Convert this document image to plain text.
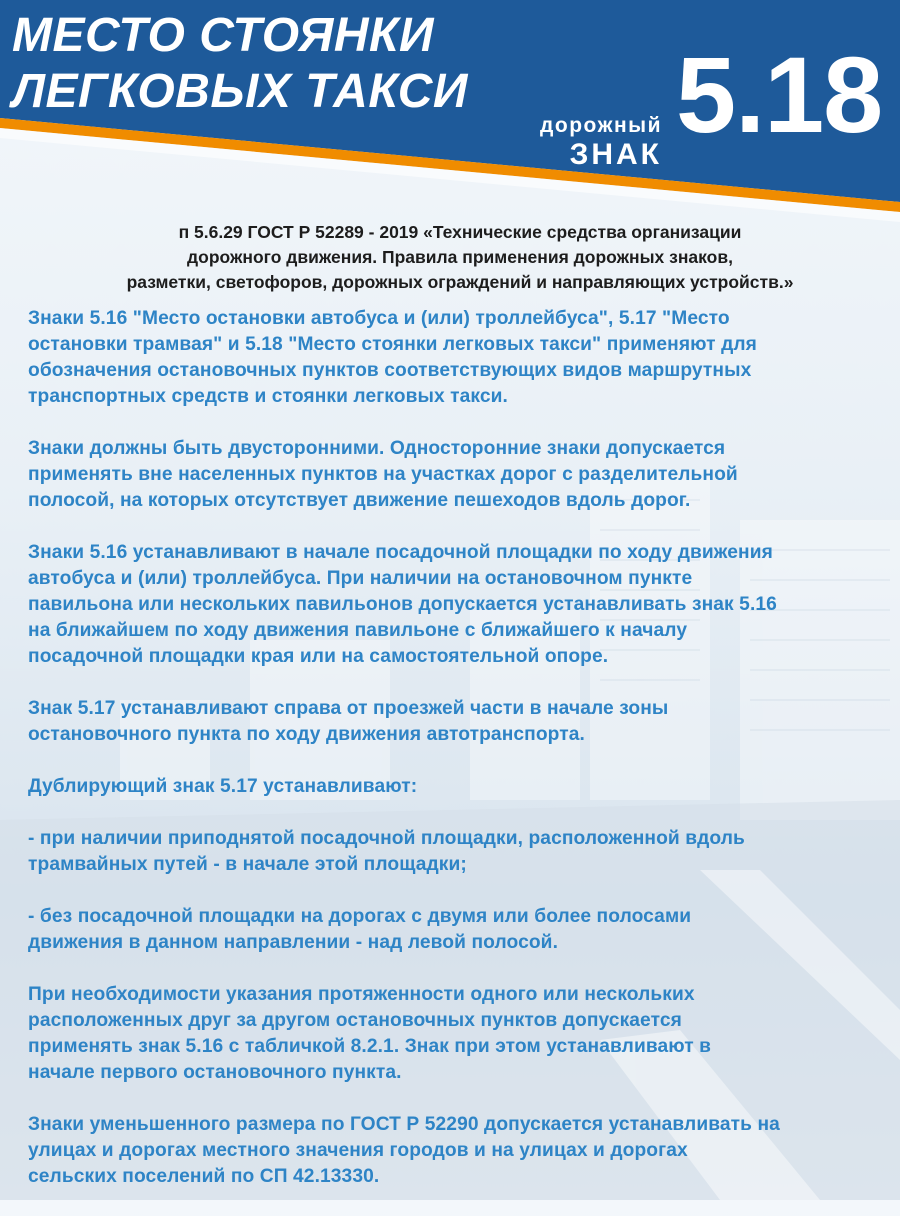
МЕСТО СТОЯНКИ
ЛЕГКОВЫХ ТАКСИ
дорожный
ЗНАК 5.18
п 5.6.29 ГОСТ Р 52289 - 2019 «Технические средства организации
дорожного движения. Правила применения дорожных знаков,
разметки, светофоров, дорожных ограждений и направляющих устройств.»

Знаки 5.16 "Место остановки автобуса и (или) троллейбуса", 5.17 "Место
остановки трамвая" и 5.18 "Место стоянки легковых такси" применяют для
обозначения остановочных пунктов соответствующих видов маршрутных
транспортных средств и стоянки легковых такси.

Знаки должны быть двусторонними. Односторонние знаки допускается
применять вне населенных пунктов на участках дорог с разделительной
полосой, на которых отсутствует движение пешеходов вдоль дорог.

Знаки 5.16 устанавливают в начале посадочной площадки по ходу движения
автобуса и (или) троллейбуса. При наличии на остановочном пункте
павильона или нескольких павильонов допускается устанавливать знак 5.16
на ближайшем по ходу движения павильоне с ближайшего к началу
посадочной площадки края или на самостоятельной опоре.

Знак 5.17 устанавливают справа от проезжей части в начале зоны
остановочного пункта по ходу движения автотранспорта.

Дублирующий знак 5.17 устанавливают:

- при наличии приподнятой посадочной площадки, расположенной вдоль
трамвайных путей - в начале этой площадки;

- без посадочной площадки на дорогах с двумя или более полосами
движения в данном направлении - над левой полосой.

При необходимости указания протяженности одного или нескольких
расположенных друг за другом остановочных пунктов допускается
применять знак 5.16 с табличкой 8.2.1. Знак при этом устанавливают в
начале первого остановочного пункта.

Знаки уменьшенного размера по ГОСТ Р 52290 допускается устанавливать на
улицах и дорогах местного значения городов и на улицах и дорогах
сельских поселений по СП 42.13330.
